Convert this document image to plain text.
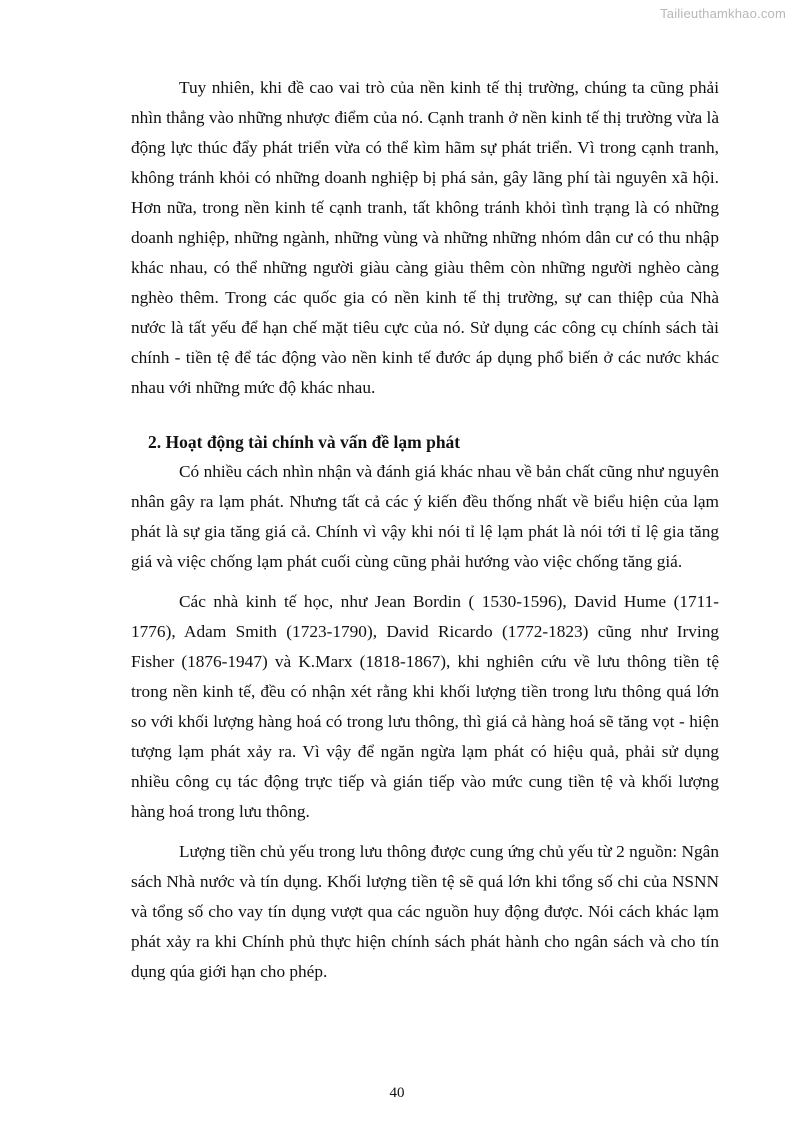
Tailieuthamkhao.com

Tuy nhiên, khi đề cao vai trò của nền kinh tế thị trường, chúng ta cũng phải nhìn thẳng vào những nhược điểm của nó. Cạnh tranh ở nền kinh tế thị trường vừa là động lực thúc đẩy phát triển vừa có thể kìm hãm sự phát triển. Vì trong cạnh tranh, không tránh khỏi có những doanh nghiệp bị phá sản, gây lãng phí tài nguyên xã hội. Hơn nữa, trong nền kinh tế cạnh tranh, tất không tránh khỏi tình trạng là có những doanh nghiệp, những ngành, những vùng và những những nhóm dân cư có thu nhập khác nhau, có thể những người giàu càng giàu thêm còn những người nghèo càng nghèo thêm. Trong các quốc gia có nền kinh tế thị trường, sự can thiệp của Nhà nước là tất yếu để hạn chế mặt tiêu cực của nó. Sử dụng các công cụ chính sách tài chính - tiền tệ để tác động vào nền kinh tế đước áp dụng phổ biến ở các nước khác nhau với những mức độ khác nhau.

2. Hoạt động tài chính và vấn đề lạm phát

Có nhiều cách nhìn nhận và đánh giá khác nhau về bản chất cũng như nguyên nhân gây ra lạm phát. Nhưng tất cả các ý kiến đều thống nhất về biểu hiện của lạm phát là sự gia tăng giá cả. Chính vì vậy khi nói tỉ lệ lạm phát là nói tới tỉ lệ gia tăng giá và việc chống lạm phát cuối cùng cũng phải hướng vào việc chống tăng giá.

Các nhà kinh tế học, như Jean Bordin ( 1530-1596), David Hume (1711-1776), Adam Smith (1723-1790), David Ricardo (1772-1823) cũng như Irving Fisher (1876-1947) và K.Marx (1818-1867), khi nghiên cứu về lưu thông tiền tệ trong nền kinh tế, đều có nhận xét rằng khi khối lượng tiền trong lưu thông quá lớn so với khối lượng hàng hoá có trong lưu thông, thì giá cả hàng hoá sẽ tăng vọt - hiện tượng lạm phát xảy ra. Vì vậy để ngăn ngừa lạm phát có hiệu quả, phải sử dụng nhiều công cụ tác động trực tiếp và gián tiếp vào mức cung tiền tệ và khối lượng hàng hoá trong lưu thông.

Lượng tiền chủ yếu trong lưu thông được cung ứng chủ yếu từ 2 nguồn: Ngân sách Nhà nước và tín dụng. Khối lượng tiền tệ sẽ quá lớn khi tổng số chi của NSNN và tổng số cho vay tín dụng vượt qua các nguồn huy động được. Nói cách khác lạm phát xảy ra khi Chính phủ thực hiện chính sách phát hành cho ngân sách và cho tín dụng qúa giới hạn cho phép.

40
